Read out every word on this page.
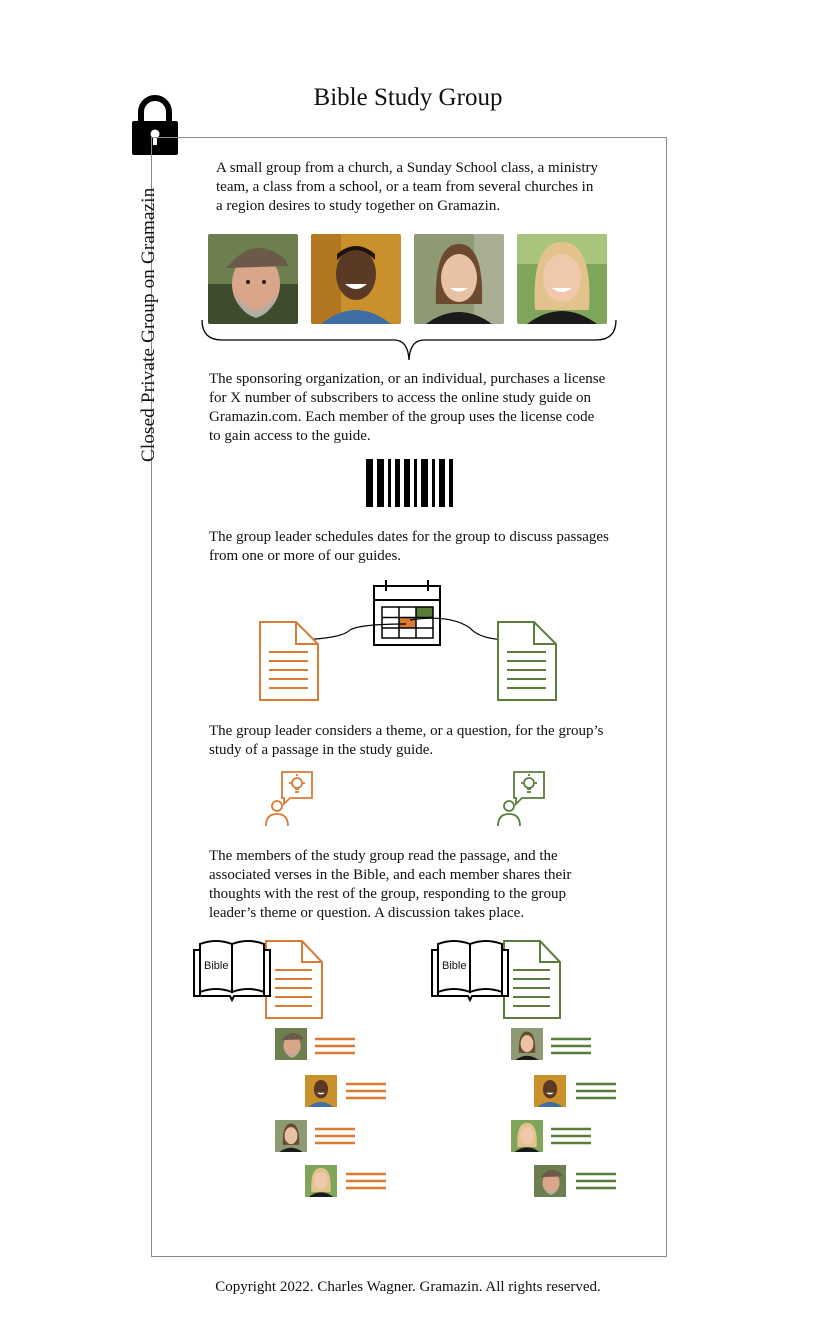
Bible Study Group
Closed Private Group on Gramazin
A small group from a church, a Sunday School class, a ministry team, a class from a school, or a team from several churches in a region desires to study together on Gramazin.
The sponsoring organization, or an individual, purchases a license for X number of subscribers to access the online study guide on Gramazin.com. Each member of the group uses the license code to gain access to the guide.
The group leader schedules dates for the group to discuss passages from one or more of our guides.
The group leader considers a theme, or a question, for the group’s study of a passage in the study guide.
The members of the study group read the passage, and the associated verses in the Bible, and each member shares their thoughts with the rest of the group, responding to the group leader’s theme or question. A discussion takes place.
Bible	Bible
Copyright 2022. Charles Wagner. Gramazin. All rights reserved.
